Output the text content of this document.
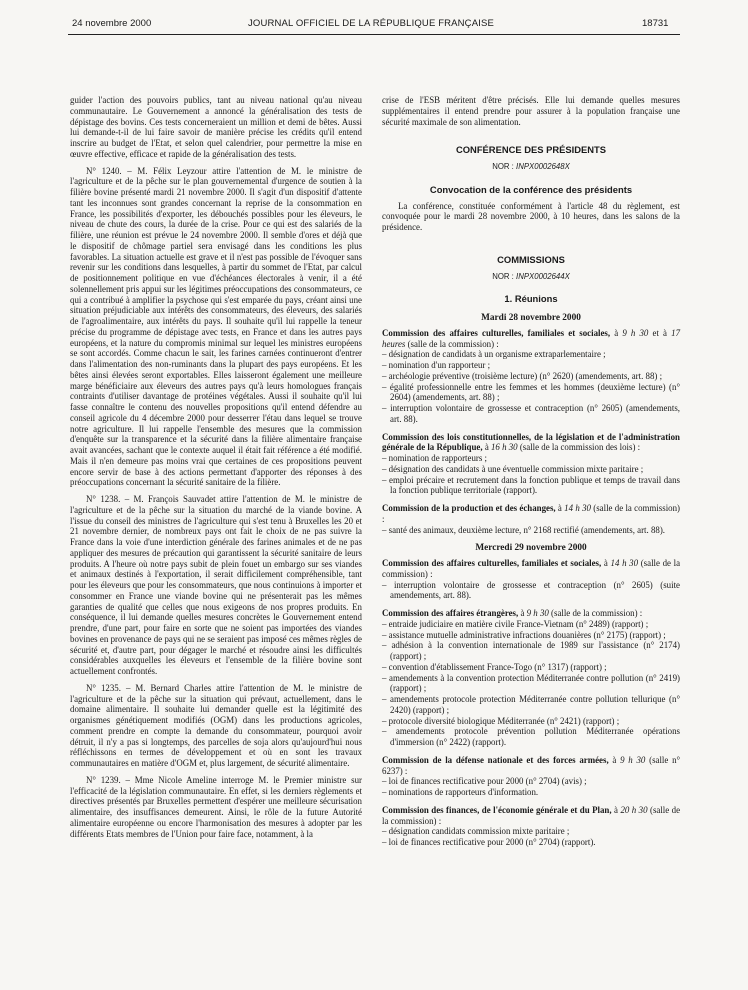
24 novembre 2000	JOURNAL OFFICIEL DE LA RÉPUBLIQUE FRANÇAISE	18731

guider l'action des pouvoirs publics, tant au niveau national qu'au niveau communautaire. Le Gouvernement a annoncé la généralisation des tests de dépistage des bovins. Ces tests concerneraient un million et demi de bêtes. Aussi lui demande-t-il de lui faire savoir de manière précise les crédits qu'il entend inscrire au budget de l'Etat, et selon quel calendrier, pour permettre la mise en œuvre effective, efficace et rapide de la généralisation des tests.

N° 1240. – M. Félix Leyzour attire l'attention de M. le ministre de l'agriculture et de la pêche sur le plan gouvernemental d'urgence de soutien à la filière bovine présenté mardi 21 novembre 2000. Il s'agit d'un dispositif d'attente tant les inconnues sont grandes concernant la reprise de la consommation en France, les possibilités d'exporter, les débouchés possibles pour les éleveurs, le niveau de chute des cours, la durée de la crise. Pour ce qui est des salariés de la filière, une réunion est prévue le 24 novembre 2000. Il semble d'ores et déjà que le dispositif de chômage partiel sera envisagé dans les conditions les plus favorables. La situation actuelle est grave et il n'est pas possible de l'évoquer sans revenir sur les conditions dans lesquelles, à partir du sommet de l'Etat, par calcul de positionnement politique en vue d'échéances électorales à venir, il a été solennellement pris appui sur les légitimes préoccupations des consommateurs, ce qui a contribué à amplifier la psychose qui s'est emparée du pays, créant ainsi une situation préjudiciable aux intérêts des consommateurs, des éleveurs, des salariés de l'agroalimentaire, aux intérêts du pays. Il souhaite qu'il lui rappelle la teneur précise du programme de dépistage avec tests, en France et dans les autres pays européens, et la nature du compromis minimal sur lequel les ministres européens se sont accordés. Comme chacun le sait, les farines carnées continueront d'entrer dans l'alimentation des non-ruminants dans la plupart des pays européens. Et les bêtes ainsi élevées seront exportables. Elles laisseront également une meilleure marge bénéficiaire aux éleveurs des autres pays qu'à leurs homologues français contraints d'utiliser davantage de protéines végétales. Aussi il souhaite qu'il lui fasse connaître le contenu des nouvelles propositions qu'il entend défendre au conseil agricole du 4 décembre 2000 pour desserrer l'étau dans lequel se trouve notre agriculture. Il lui rappelle l'ensemble des mesures que la commission d'enquête sur la transparence et la sécurité dans la filière alimentaire française avait avancées, sachant que le contexte auquel il était fait référence a été modifié. Mais il n'en demeure pas moins vrai que certaines de ces propositions peuvent encore servir de base à des actions permettant d'apporter des réponses à des préoccupations concernant la sécurité sanitaire de la filière.

N° 1238. – M. François Sauvadet attire l'attention de M. le ministre de l'agriculture et de la pêche sur la situation du marché de la viande bovine. A l'issue du conseil des ministres de l'agriculture qui s'est tenu à Bruxelles les 20 et 21 novembre dernier, de nombreux pays ont fait le choix de ne pas suivre la France dans la voie d'une interdiction générale des farines animales et de ne pas appliquer des mesures de précaution qui garantissent la sécurité sanitaire de leurs produits. A l'heure où notre pays subit de plein fouet un embargo sur ses viandes et animaux destinés à l'exportation, il serait difficilement compréhensible, tant pour les éleveurs que pour les consommateurs, que nous continuions à importer et consommer en France une viande bovine qui ne présenterait pas les mêmes garanties de qualité que celles que nous exigeons de nos propres produits. En conséquence, il lui demande quelles mesures concrètes le Gouvernement entend prendre, d'une part, pour faire en sorte que ne soient pas importées des viandes bovines en provenance de pays qui ne se seraient pas imposé ces mêmes règles de sécurité et, d'autre part, pour dégager le marché et résoudre ainsi les difficultés considérables auxquelles les éleveurs et l'ensemble de la filière bovine sont actuellement confrontés.

N° 1235. – M. Bernard Charles attire l'attention de M. le ministre de l'agriculture et de la pêche sur la situation qui prévaut, actuellement, dans le domaine alimentaire. Il souhaite lui demander quelle est la légitimité des organismes génétiquement modifiés (OGM) dans les productions agricoles, comment prendre en compte la demande du consommateur, pourquoi avoir détruit, il n'y a pas si longtemps, des parcelles de soja alors qu'aujourd'hui nous réfléchissons en termes de développement et où en sont les travaux communautaires en matière d'OGM et, plus largement, de sécurité alimentaire.

N° 1239. – Mme Nicole Ameline interroge M. le Premier ministre sur l'efficacité de la législation communautaire. En effet, si les derniers règlements et directives présentés par Bruxelles permettent d'espérer une meilleure sécurisation alimentaire, des insuffisances demeurent. Ainsi, le rôle de la future Autorité alimentaire européenne ou encore l'harmonisation des mesures à adopter par les différents Etats membres de l'Union pour faire face, notamment, à la

crise de l'ESB méritent d'être précisés. Elle lui demande quelles mesures supplémentaires il entend prendre pour assurer à la population française une sécurité maximale de son alimentation.

CONFÉRENCE DES PRÉSIDENTS
NOR : INPX0002648X
Convocation de la conférence des présidents

La conférence, constituée conformément à l'article 48 du règlement, est convoquée pour le mardi 28 novembre 2000, à 10 heures, dans les salons de la présidence.

COMMISSIONS
NOR : INPX0002644X
1. Réunions
Mardi 28 novembre 2000
Commission des affaires culturelles, familiales et sociales, à 9 h 30 et à 17 heures (salle de la commission) :
– désignation de candidats à un organisme extraparlementaire ;
– nomination d'un rapporteur ;
– archéologie préventive (troisième lecture) (n° 2620) (amendements, art. 88) ;
– égalité professionnelle entre les femmes et les hommes (deuxième lecture) (n° 2604) (amendements, art. 88) ;
– interruption volontaire de grossesse et contraception (n° 2605) (amendements, art. 88).
Commission des lois constitutionnelles, de la législation et de l'administration générale de la République, à 16 h 30 (salle de la commission des lois) :
– nomination de rapporteurs ;
– désignation des candidats à une éventuelle commission mixte paritaire ;
– emploi précaire et recrutement dans la fonction publique et temps de travail dans la fonction publique territoriale (rapport).
Commission de la production et des échanges, à 14 h 30 (salle de la commission) :
– santé des animaux, deuxième lecture, n° 2168 rectifié (amendements, art. 88).
Mercredi 29 novembre 2000
Commission des affaires culturelles, familiales et sociales, à 14 h 30 (salle de la commission) :
– interruption volontaire de grossesse et contraception (n° 2605) (suite amendements, art. 88).
Commission des affaires étrangères, à 9 h 30 (salle de la commission) :
– entraide judiciaire en matière civile France-Vietnam (n° 2489) (rapport) ;
– assistance mutuelle administrative infractions douanières (n° 2175) (rapport) ;
– adhésion à la convention internationale de 1989 sur l'assistance (n° 2174) (rapport) ;
– convention d'établissement France-Togo (n° 1317) (rapport) ;
– amendements à la convention protection Méditerranée contre pollution (n° 2419) (rapport) ;
– amendements protocole protection Méditerranée contre pollution tellurique (n° 2420) (rapport) ;
– protocole diversité biologique Méditerranée (n° 2421) (rapport) ;
– amendements protocole prévention pollution Méditerranée opérations d'immersion (n° 2422) (rapport).
Commission de la défense nationale et des forces armées, à 9 h 30 (salle n° 6237) :
– loi de finances rectificative pour 2000 (n° 2704) (avis) ;
– nominations de rapporteurs d'information.
Commission des finances, de l'économie générale et du Plan, à 20 h 30 (salle de la commission) :
– désignation candidats commission mixte paritaire ;
– loi de finances rectificative pour 2000 (n° 2704) (rapport).
